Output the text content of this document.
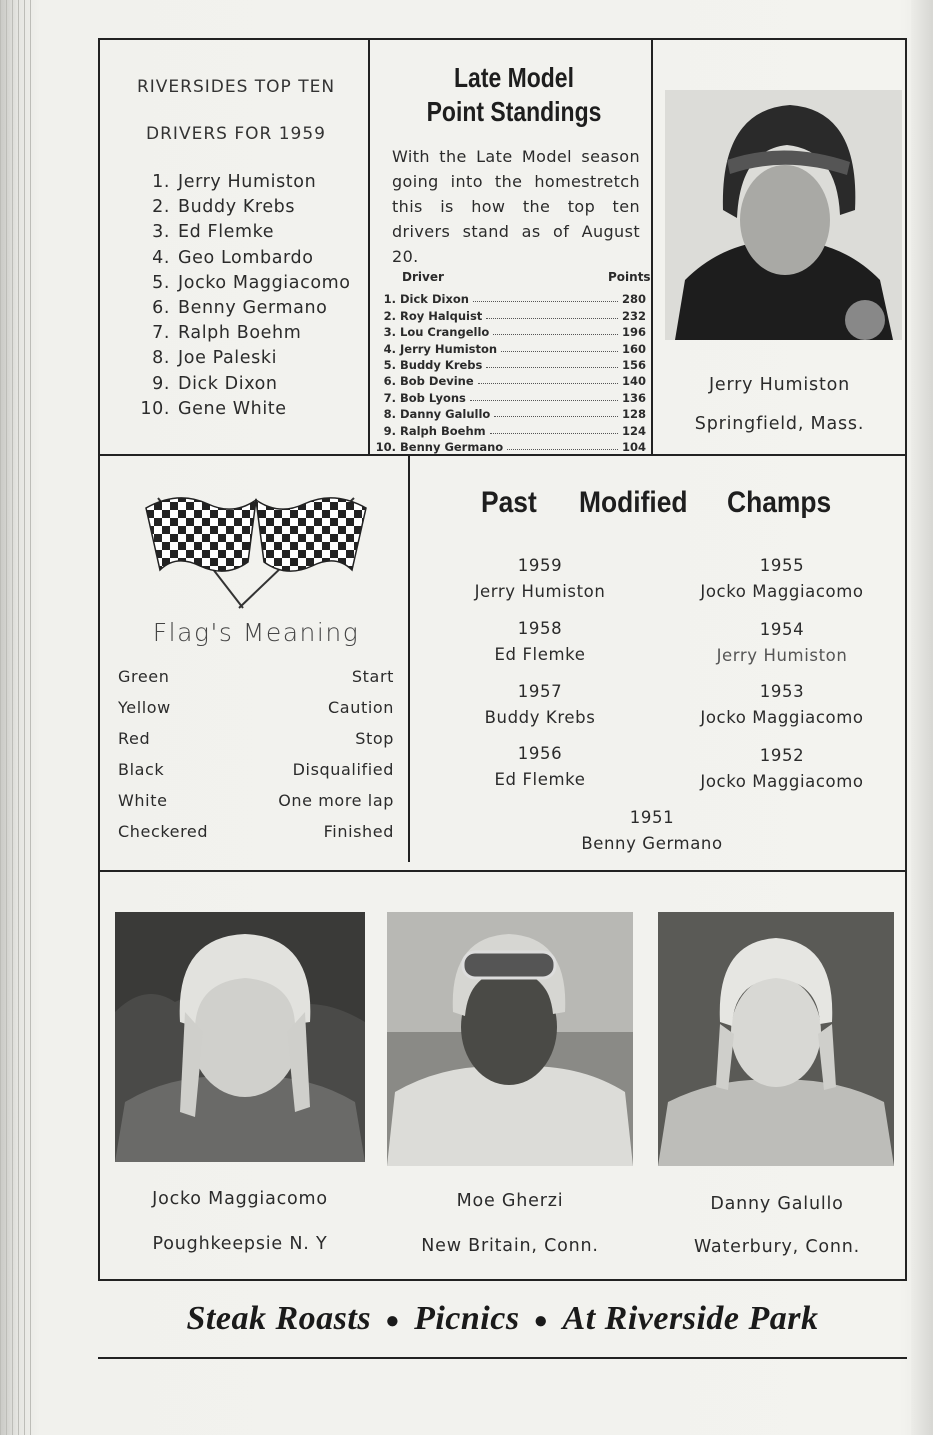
RIVERSIDES TOP TEN
DRIVERS FOR 1959
1. Jerry Humiston
2. Buddy Krebs
3. Ed Flemke
4. Geo Lombardo
5. Jocko Maggiacomo
6. Benny Germano
7. Ralph Boehm
8. Joe Paleski
9. Dick Dixon
10. Gene White
Late Model
Point Standings
With the Late Model season going into the homestretch this is how the top ten drivers stand as of August 20.
Driver	Points
1. Dick Dixon	280
2. Roy Halquist	232
3. Lou Crangello	196
4. Jerry Humiston	160
5. Buddy Krebs	156
6. Bob Devine	140
7. Bob Lyons	136
8. Danny Galullo	128
9. Ralph Boehm	124
10. Benny Germano	104
Jerry Humiston
Springfield, Mass.
Flag's Meaning
Green	Start
Yellow	Caution
Red	Stop
Black	Disqualified
White	One more lap
Checkered	Finished
Past Modified Champs
1959
Jerry Humiston
1958
Ed Flemke
1957
Buddy Krebs
1956
Ed Flemke
1955
Jocko Maggiacomo
1954
Jerry Humiston
1953
Jocko Maggiacomo
1952
Jocko Maggiacomo
1951
Benny Germano
Jocko Maggiacomo
Poughkeepsie N. Y
Moe Gherzi
New Britain, Conn.
Danny Galullo
Waterbury, Conn.
Steak Roasts ● Picnics ● At Riverside Park
